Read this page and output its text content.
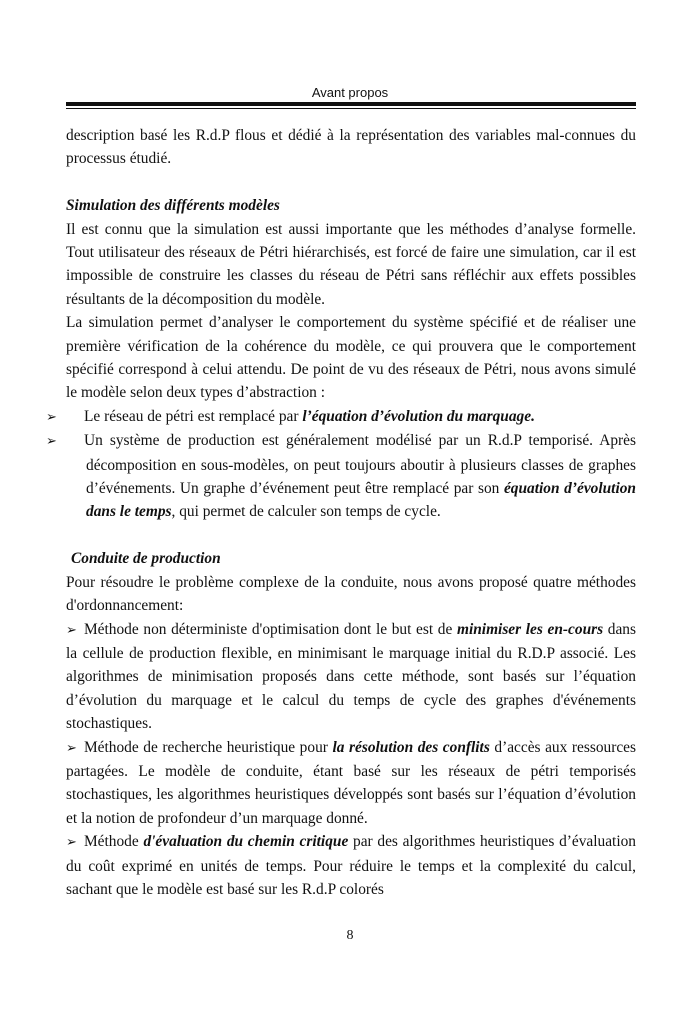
Avant propos

description basé les R.d.P flous et dédié à la représentation des variables mal-connues du processus étudié.

Simulation des différents modèles

Il est connu que la simulation est aussi importante que les méthodes d’analyse formelle. Tout utilisateur des réseaux de Pétri hiérarchisés, est forcé de faire une simulation, car il est impossible de construire les classes du réseau de Pétri sans réfléchir aux effets possibles résultants de la décomposition du modèle.

La simulation permet d’analyser le comportement du système spécifié et de réaliser une première vérification de la cohérence du modèle, ce qui prouvera que le comportement spécifié correspond à celui attendu. De point de vu des réseaux de Pétri, nous avons simulé le modèle selon deux types d’abstraction :

➢ Le réseau de pétri est remplacé par l’équation d’évolution du marquage.

➢ Un système de production est généralement modélisé par un R.d.P temporisé. Après décomposition en sous-modèles, on peut toujours aboutir à plusieurs classes de graphes d’événements. Un graphe d’événement peut être remplacé par son équation d’évolution dans le temps, qui permet de calculer son temps de cycle.

Conduite de production

Pour résoudre le problème complexe de la conduite, nous avons proposé quatre méthodes d'ordonnancement:

➢ Méthode non déterministe d'optimisation dont le but est de minimiser les en-cours dans la cellule de production flexible, en minimisant le marquage initial du R.D.P associé. Les algorithmes de minimisation proposés dans cette méthode, sont basés sur l’équation d’évolution du marquage et le calcul du temps de cycle des graphes d'événements stochastiques.

➢ Méthode de recherche heuristique pour la résolution des conflits d’accès aux ressources partagées. Le modèle de conduite, étant basé sur les réseaux de pétri temporisés stochastiques, les algorithmes heuristiques développés sont basés sur l’équation d’évolution et la notion de profondeur d’un marquage donné.

➢ Méthode d'évaluation du chemin critique par des algorithmes heuristiques d’évaluation du coût exprimé en unités de temps. Pour réduire le temps et la complexité du calcul, sachant que le modèle est basé sur les R.d.P colorés

8
